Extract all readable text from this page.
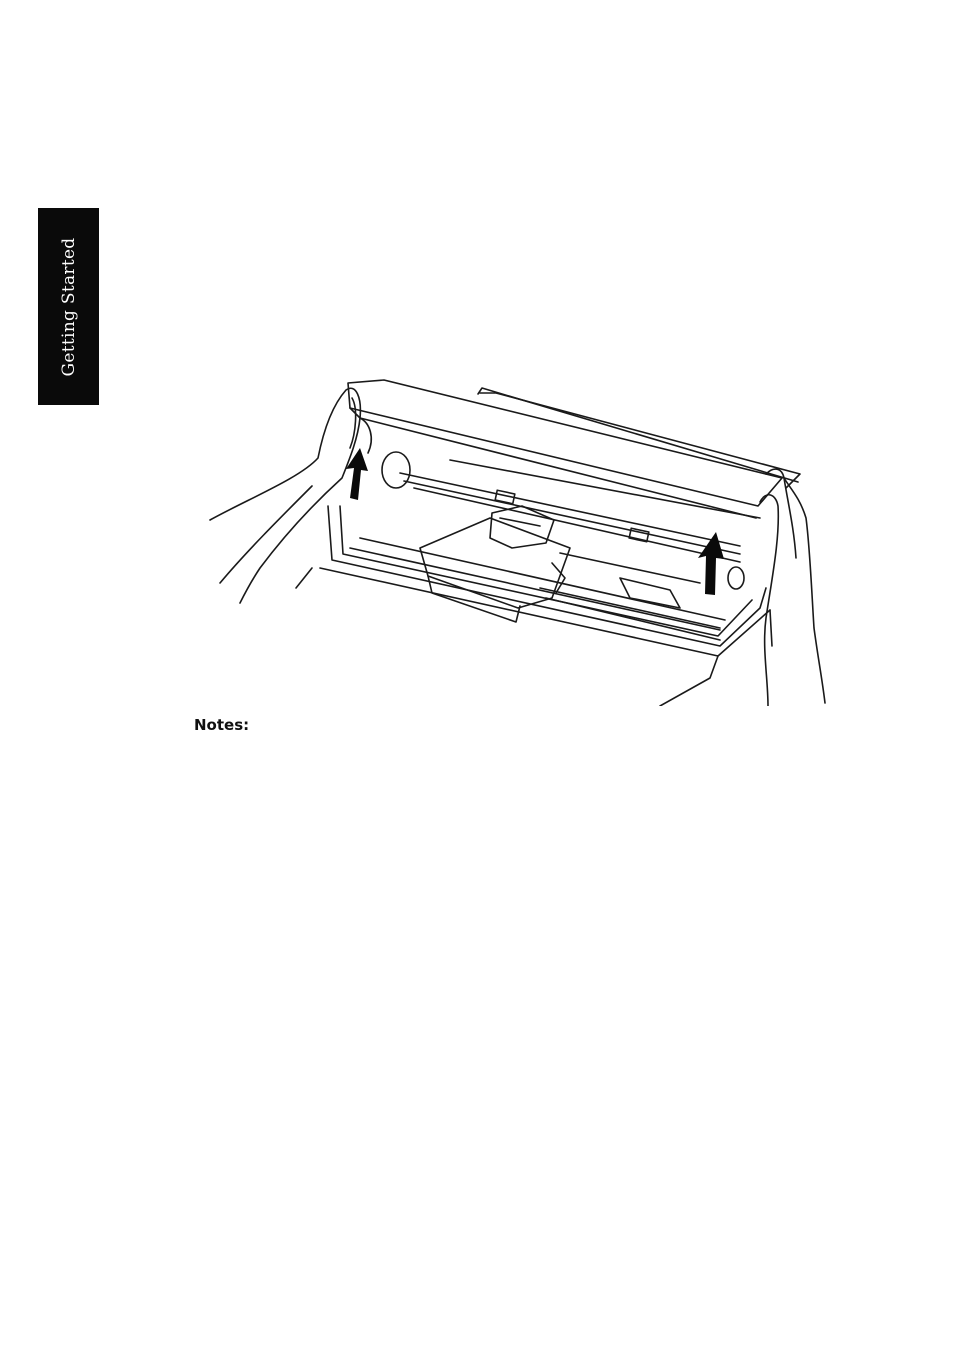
Getting Started
Notes:
